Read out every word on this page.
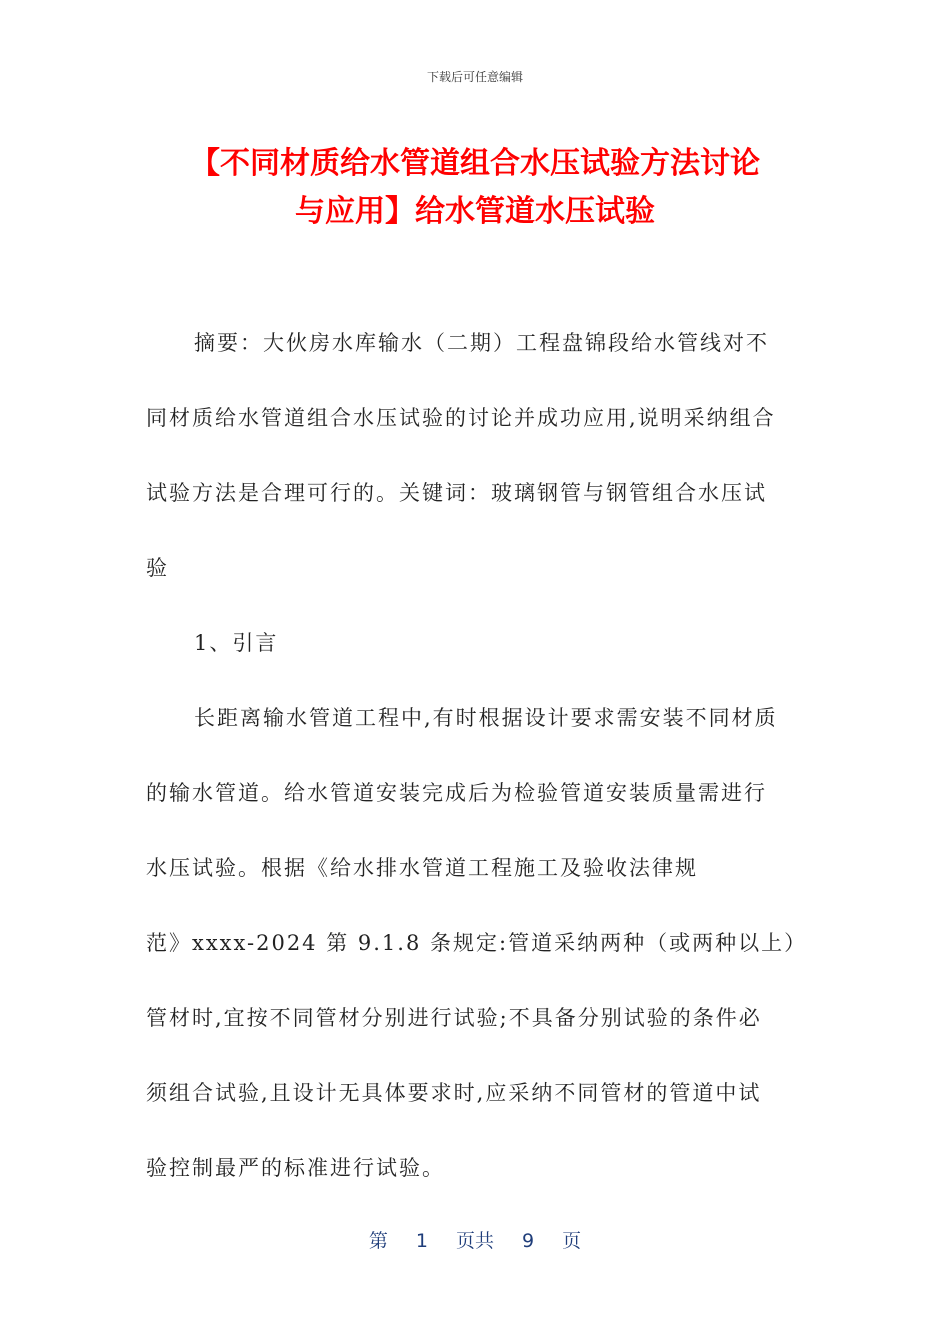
下载后可任意编辑
【不同材质给水管道组合水压试验方法讨论
与应用】给水管道水压试验
摘要：大伙房水库输水（二期）工程盘锦段给水管线对不
同材质给水管道组合水压试验的讨论并成功应用,说明采纳组合
试验方法是合理可行的。关键词：玻璃钢管与钢管组合水压试
验
1、引言
长距离输水管道工程中,有时根据设计要求需安装不同材质
的输水管道。给水管道安装完成后为检验管道安装质量需进行
水压试验。根据《给水排水管道工程施工及验收法律规
范》xxxx-2024 第 9.1.8 条规定:管道采纳两种（或两种以上）
管材时,宜按不同管材分别进行试验;不具备分别试验的条件必
须组合试验,且设计无具体要求时,应采纳不同管材的管道中试
验控制最严的标准进行试验。
第 1 页共 9 页
